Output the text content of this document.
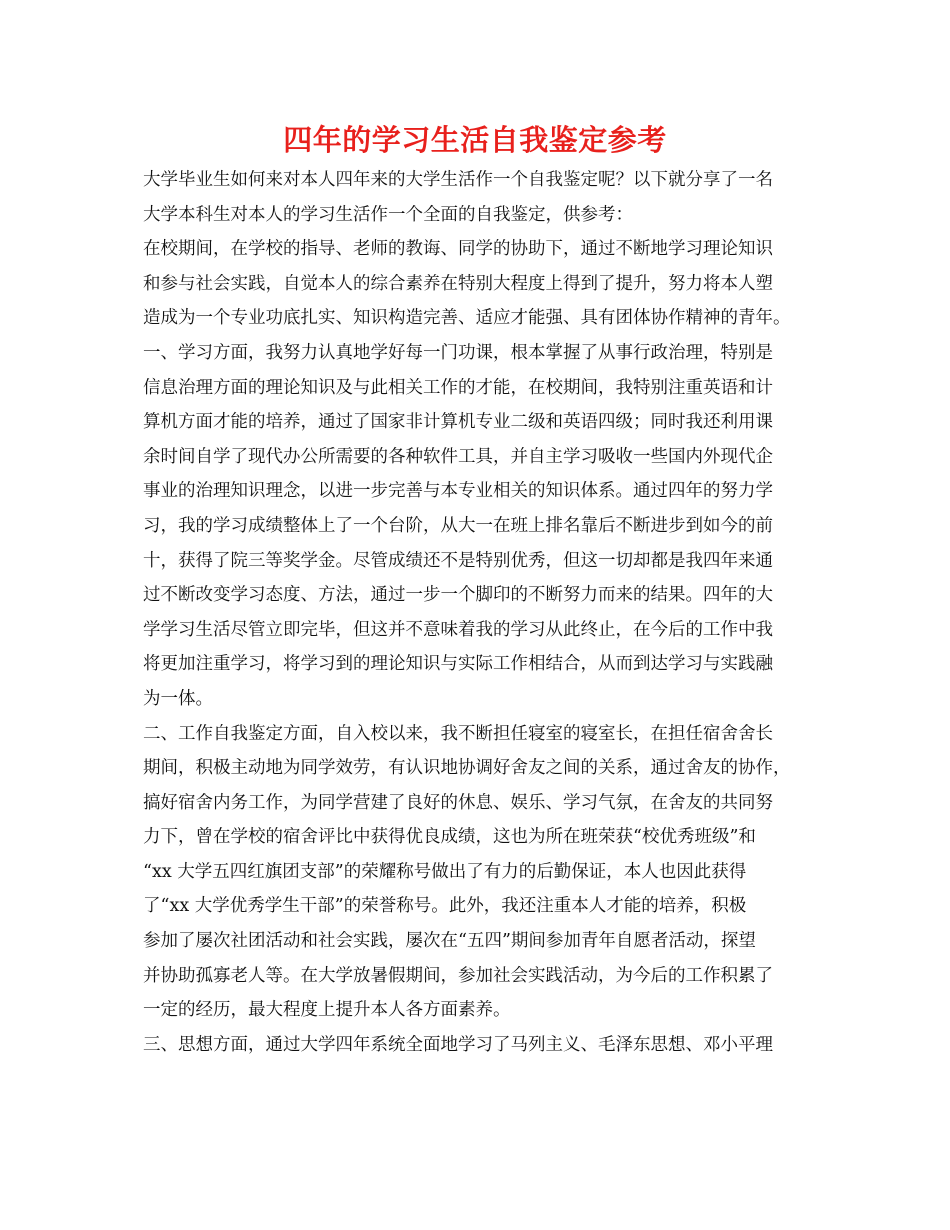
四年的学习生活自我鉴定参考

大学毕业生如何来对本人四年来的大学生活作一个自我鉴定呢？以下就分享了一名

大学本科生对本人的学习生活作一个全面的自我鉴定，供参考：

在校期间，在学校的指导、老师的教诲、同学的协助下，通过不断地学习理论知识

和参与社会实践，自觉本人的综合素养在特别大程度上得到了提升，努力将本人塑

造成为一个专业功底扎实、知识构造完善、适应才能强、具有团体协作精神的青年。

一、学习方面，我努力认真地学好每一门功课，根本掌握了从事行政治理，特别是

信息治理方面的理论知识及与此相关工作的才能，在校期间，我特别注重英语和计

算机方面才能的培养，通过了国家非计算机专业二级和英语四级；同时我还利用课

余时间自学了现代办公所需要的各种软件工具，并自主学习吸收一些国内外现代企

事业的治理知识理念，以进一步完善与本专业相关的知识体系。通过四年的努力学

习，我的学习成绩整体上了一个台阶，从大一在班上排名靠后不断进步到如今的前

十，获得了院三等奖学金。尽管成绩还不是特别优秀，但这一切却都是我四年来通

过不断改变学习态度、方法，通过一步一个脚印的不断努力而来的结果。四年的大

学学习生活尽管立即完毕，但这并不意味着我的学习从此终止，在今后的工作中我

将更加注重学习，将学习到的理论知识与实际工作相结合，从而到达学习与实践融

为一体。

二、工作自我鉴定方面，自入校以来，我不断担任寝室的寝室长，在担任宿舍舍长

期间，积极主动地为同学效劳，有认识地协调好舍友之间的关系，通过舍友的协作，

搞好宿舍内务工作，为同学营建了良好的休息、娱乐、学习气氛，在舍友的共同努

力下，曾在学校的宿舍评比中获得优良成绩，这也为所在班荣获“校优秀班级”和

“xx 大学五四红旗团支部”的荣耀称号做出了有力的后勤保证，本人也因此获得

了“xx 大学优秀学生干部”的荣誉称号。此外，我还注重本人才能的培养，积极

参加了屡次社团活动和社会实践，屡次在“五四”期间参加青年自愿者活动，探望

并协助孤寡老人等。在大学放暑假期间，参加社会实践活动，为今后的工作积累了

一定的经历，最大程度上提升本人各方面素养。

三、思想方面，通过大学四年系统全面地学习了马列主义、毛泽东思想、邓小平理
